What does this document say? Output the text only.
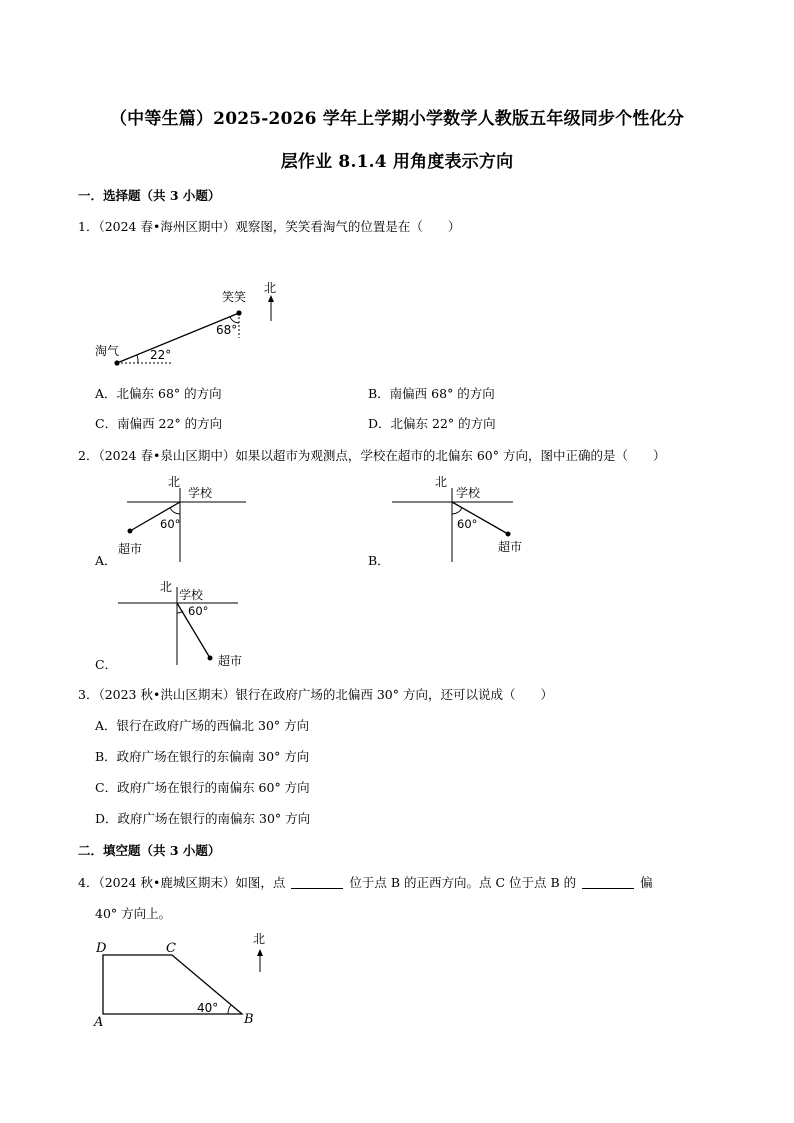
（中等生篇）2025-2026 学年上学期小学数学人教版五年级同步个性化分
层作业 8.1.4 用角度表示方向
一．选择题（共 3 小题）
1．（2024 春•海州区期中）观察图，笑笑看淘气的位置是在（　　）
淘气
笑笑
68°
22°
北
A．北偏东 68° 的方向	B．南偏西 68° 的方向
C．南偏西 22° 的方向	D．北偏东 22° 的方向
2．（2024 春•泉山区期中）如果以超市为观测点，学校在超市的北偏东 60° 方向，图中正确的是（　　）
北
学校
60°
超市
A．
北
学校
60°
超市
B．
北
学校
60°
超市
C．
3．（2023 秋•洪山区期末）银行在政府广场的北偏西 30° 方向，还可以说成（　　）
A．银行在政府广场的西偏北 30° 方向
B．政府广场在银行的东偏南 30° 方向
C．政府广场在银行的南偏东 60° 方向
D．政府广场在银行的南偏东 30° 方向
二．填空题（共 3 小题）
4．（2024 秋•鹿城区期末）如图，点	位于点 B 的正西方向。点 C 位于点 B 的	偏
40° 方向上。
D	C
A	B
40°
北
